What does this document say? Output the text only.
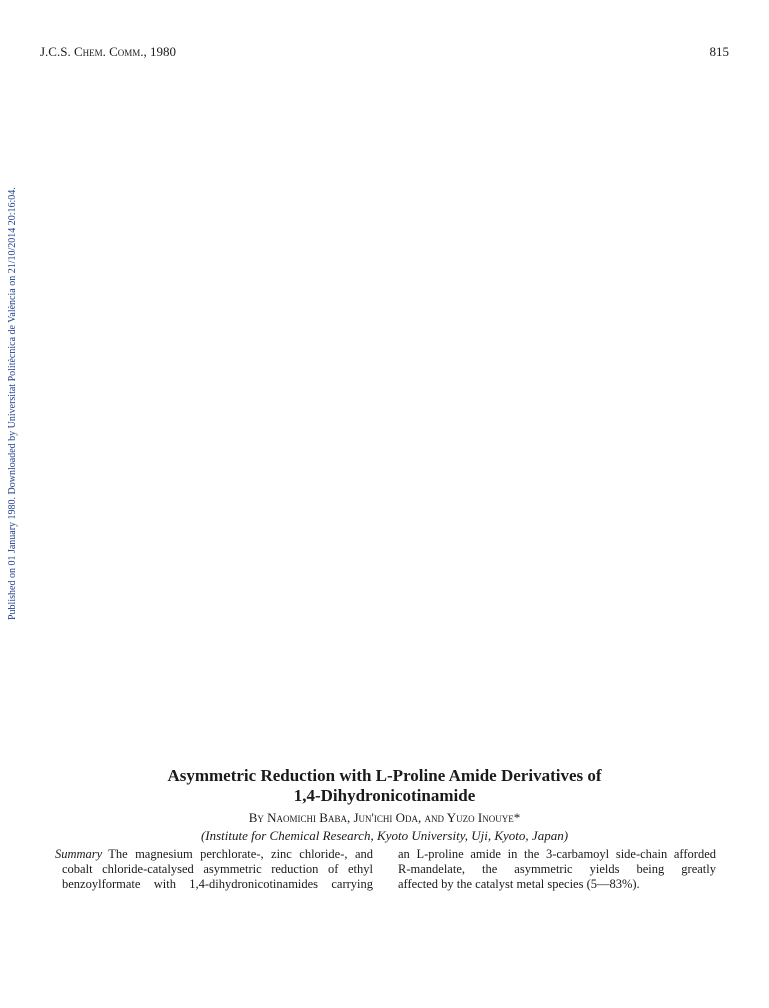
J.C.S. Chem. Comm., 1980	815
Published on 01 January 1980. Downloaded by Universitat Politècnica de València on 21/10/2014 20:16:04.
Asymmetric Reduction with L-Proline Amide Derivatives of
1,4-Dihydronicotinamide
By Naomichi Baba, Jun'ichi Oda, and Yuzo Inouye*
(Institute for Chemical Research, Kyoto University, Uji, Kyoto, Japan)
Summary The magnesium perchlorate-, zinc chloride-, and
cobalt chloride-catalysed asymmetric reduction of ethyl
benzoylformate with 1,4-dihydronicotinamides carrying
an L-proline amide in the 3-carbamoyl side-chain afforded
R-mandelate, the asymmetric yields being greatly
affected by the catalyst metal species (5—83%).
